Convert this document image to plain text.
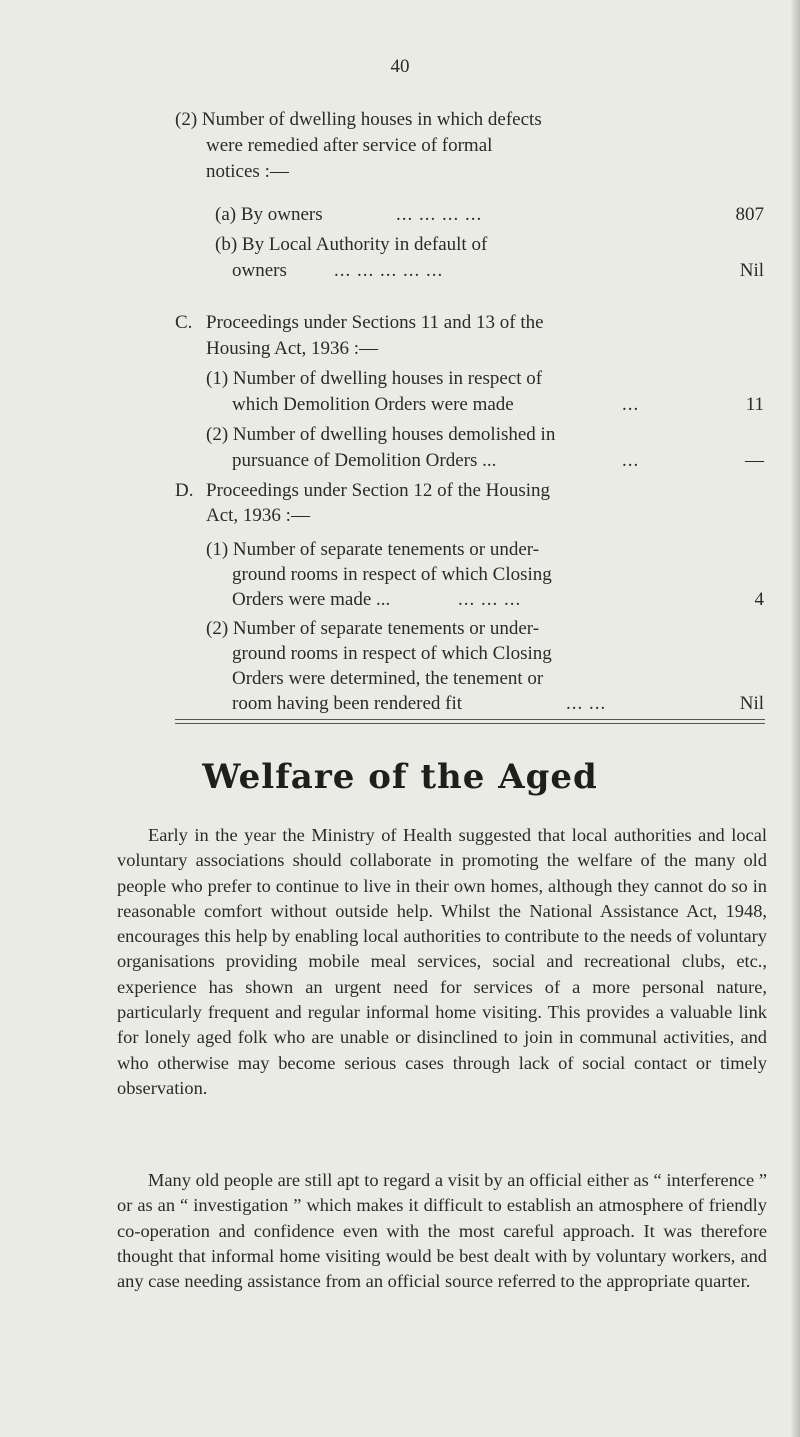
40
(2) Number of dwelling houses in which defects
were remedied after service of formal
notices :—
(a) By owners	... ... ... ...	807
(b) By Local Authority in default of
owners ... ... ... ... ...	Nil
C. Proceedings under Sections 11 and 13 of the
Housing Act, 1936 :—
(1) Number of dwelling houses in respect of
which Demolition Orders were made	...	11
(2) Number of dwelling houses demolished in
pursuance of Demolition Orders ...	...	—
D. Proceedings under Section 12 of the Housing
Act, 1936 :—
(1) Number of separate tenements or under-
ground rooms in respect of which Closing
Orders were made ...	... ... ...	4
(2) Number of separate tenements or under-
ground rooms in respect of which Closing
Orders were determined, the tenement or
room having been rendered fit	... ...	Nil
Welfare of the Aged

Early in the year the Ministry of Health suggested that local authorities and local voluntary associations should collaborate in promoting the welfare of the many old people who prefer to continue to live in their own homes, although they cannot do so in reasonable comfort without outside help. Whilst the National Assistance Act, 1948, encourages this help by enabling local authorities to contribute to the needs of voluntary organisations providing mobile meal services, social and recreational clubs, etc., experience has shown an urgent need for services of a more personal nature, particularly frequent and regular informal home visiting. This provides a valuable link for lonely aged folk who are unable or disinclined to join in communal activities, and who otherwise may become serious cases through lack of social contact or timely observation.

Many old people are still apt to regard a visit by an official either as “ interference ” or as an “ investigation ” which makes it difficult to establish an atmosphere of friendly co-operation and confidence even with the most careful approach. It was therefore thought that informal home visiting would be best dealt with by voluntary workers, and any case needing assistance from an official source referred to the appropriate quarter.
